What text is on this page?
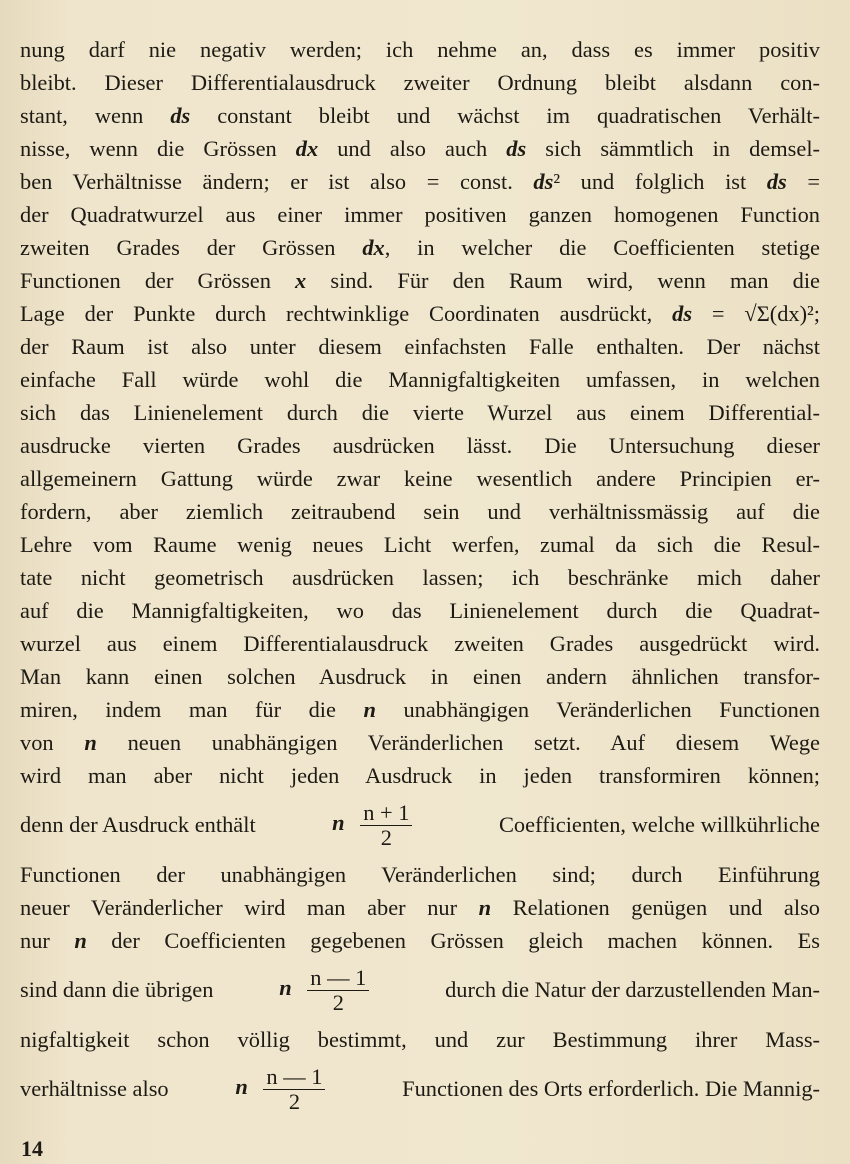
nung darf nie negativ werden; ich nehme an, dass es immer positiv
bleibt. Dieser Differentialausdruck zweiter Ordnung bleibt alsdann con-
stant, wenn ds constant bleibt und wächst im quadratischen Verhält-
nisse, wenn die Grössen dx und also auch ds sich sämmtlich in demsel-
ben Verhältnisse ändern; er ist also = const. ds² und folglich ist ds =
der Quadratwurzel aus einer immer positiven ganzen homogenen Function
zweiten Grades der Grössen dx, in welcher die Coefficienten stetige
Functionen der Grössen x sind. Für den Raum wird, wenn man die
Lage der Punkte durch rechtwinklige Coordinaten ausdrückt, ds = √Σ(dx)²;
der Raum ist also unter diesem einfachsten Falle enthalten. Der nächst
einfache Fall würde wohl die Mannigfaltigkeiten umfassen, in welchen
sich das Linienelement durch die vierte Wurzel aus einem Differential-
ausdrucke vierten Grades ausdrücken lässt. Die Untersuchung dieser
allgemeinern Gattung würde zwar keine wesentlich andere Principien er-
fordern, aber ziemlich zeitraubend sein und verhältnissmässig auf die
Lehre vom Raume wenig neues Licht werfen, zumal da sich die Resul-
tate nicht geometrisch ausdrücken lassen; ich beschränke mich daher
auf die Mannigfaltigkeiten, wo das Linienelement durch die Quadrat-
wurzel aus einem Differentialausdruck zweiten Grades ausgedrückt wird.
Man kann einen solchen Ausdruck in einen andern ähnlichen transfor-
miren, indem man für die n unabhängigen Veränderlichen Functionen
von n neuen unabhängigen Veränderlichen setzt. Auf diesem Wege
wird man aber nicht jeden Ausdruck in jeden transformiren können;
denn der Ausdruck enthält	n $\frac{n + 1}{2}$	Coefficienten, welche willkührliche
Functionen der unabhängigen Veränderlichen sind; durch Einführung
neuer Veränderlicher wird man aber nur n Relationen genügen und also
nur n der Coefficienten gegebenen Grössen gleich machen können. Es
sind dann die übrigen	n $\frac{n — 1}{2}$	durch die Natur der darzustellenden Man-
nigfaltigkeit schon völlig bestimmt, und zur Bestimmung ihrer Mass-
verhältnisse also	n $\frac{n — 1}{2}$	Functionen des Orts erforderlich. Die Mannig-
14
